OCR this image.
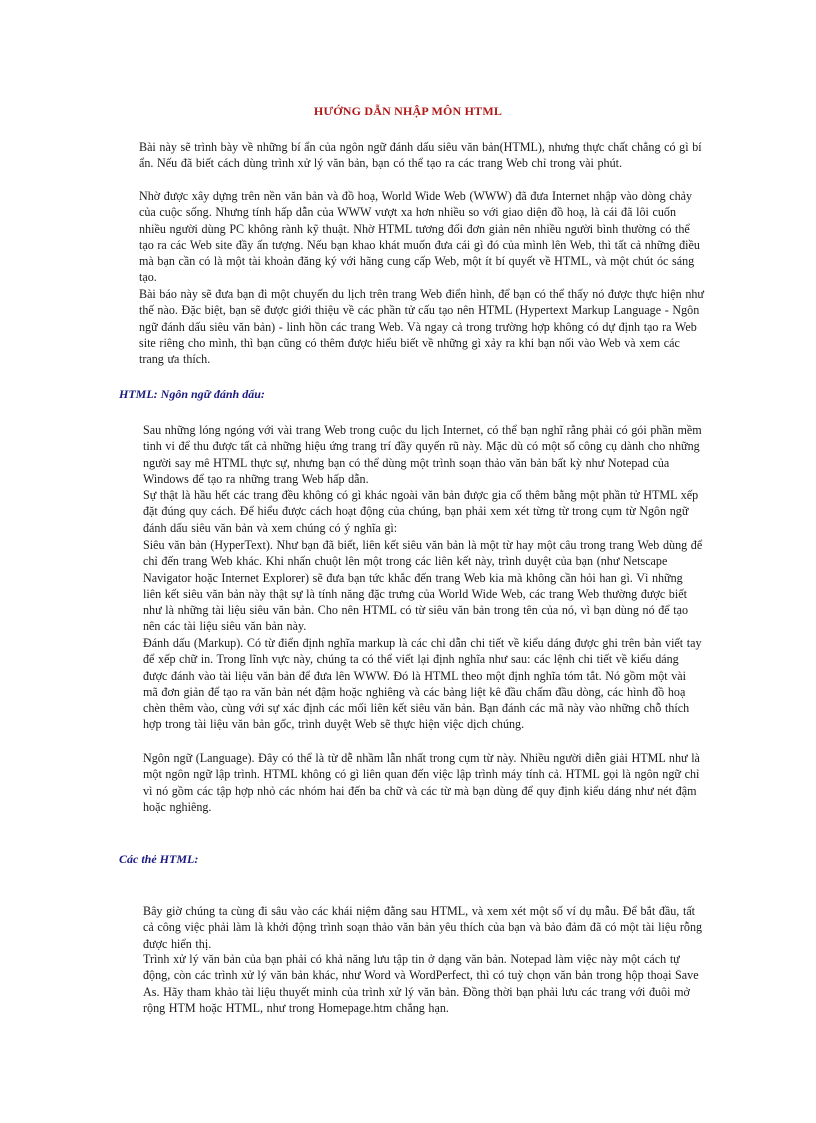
HƯỚNG DẪN NHẬP MÔN HTML

Bài này sẽ trình bày về những bí ẩn của ngôn ngữ đánh dấu siêu văn bản(HTML), nhưng thực chất chẳng có gì bí ẩn. Nếu đã biết cách dùng trình xử lý văn bản, bạn có thể tạo ra các trang Web chỉ trong vài phút.

Nhờ được xây dựng trên nền văn bản và đồ hoạ, World Wide Web (WWW) đã đưa Internet nhập vào dòng chảy của cuộc sống. Nhưng tính hấp dẫn của WWW vượt xa hơn nhiều so với giao diện đồ hoạ, là cái đã lôi cuốn nhiều người dùng PC không rành kỹ thuật. Nhờ HTML tương đối đơn giản nên nhiều người bình thường có thể tạo ra các Web site đầy ấn tượng. Nếu bạn khao khát muốn đưa cái gì đó của mình lên Web, thì tất cả những điều mà bạn cần có là một tài khoản đăng ký với hãng cung cấp Web, một ít bí quyết về HTML, và một chút óc sáng tạo.

Bài báo này sẽ đưa bạn đi một chuyến du lịch trên trang Web điển hình, để bạn có thể thấy nó được thực hiện như thế nào. Đặc biệt, bạn sẽ được giới thiệu về các phần tử cấu tạo nên HTML (Hypertext Markup Language - Ngôn ngữ đánh dấu siêu văn bản) - linh hồn các trang Web. Và ngay cả trong trường hợp không có dự định tạo ra Web site riêng cho mình, thì bạn cũng có thêm được hiểu biết về những gì xảy ra khi bạn nối vào Web và xem các trang ưa thích.

HTML: Ngôn ngữ đánh dấu:

Sau những lóng ngóng với vài trang Web trong cuộc du lịch Internet, có thể bạn nghĩ rằng phải có gói phần mềm tinh vi để thu được tất cả những hiệu ứng trang trí đầy quyến rũ này. Mặc dù có một số công cụ dành cho những người say mê HTML thực sự, nhưng bạn có thể dùng một trình soạn thảo văn bản bất kỳ như Notepad của Windows để tạo ra những trang Web hấp dẫn.

Sự thật là hầu hết các trang đều không có gì khác ngoài văn bản được gia cố thêm bằng một phần tử HTML xếp đặt đúng quy cách. Để hiểu được cách hoạt động của chúng, bạn phải xem xét từng từ trong cụm từ Ngôn ngữ đánh dấu siêu văn bản và xem chúng có ý nghĩa gì:

Siêu văn bản (HyperText). Như bạn đã biết, liên kết siêu văn bản là một từ hay một câu trong trang Web dùng để chỉ đến trang Web khác. Khi nhấn chuột lên một trong các liên kết này, trình duyệt của bạn (như Netscape Navigator hoặc Internet Explorer) sẽ đưa bạn tức khắc đến trang Web kia mà không cần hỏi han gì. Vì những liên kết siêu văn bản này thật sự là tính năng đặc trưng của World Wide Web, các trang Web thường được biết như là những tài liệu siêu văn bản. Cho nên HTML có từ siêu văn bản trong tên của nó, vì bạn dùng nó để tạo nên các tài liệu siêu văn bản này.

Đánh dấu (Markup). Có từ điển định nghĩa markup là các chỉ dẫn chi tiết về kiểu dáng được ghi trên bản viết tay để xếp chữ in. Trong lĩnh vực này, chúng ta có thể viết lại định nghĩa như sau: các lệnh chi tiết về kiểu dáng được đánh vào tài liệu văn bản để đưa lên WWW. Đó là HTML theo một định nghĩa tóm tắt. Nó gồm một vài mã đơn giản để tạo ra văn bản nét đậm hoặc nghiêng và các bảng liệt kê đầu chấm đầu dòng, các hình đồ hoạ chèn thêm vào, cùng với sự xác định các mối liên kết siêu văn bản. Bạn đánh các mã này vào những chỗ thích hợp trong tài liệu văn bản gốc, trình duyệt Web sẽ thực hiện việc dịch chúng.

Ngôn ngữ (Language). Đây có thể là từ dễ nhầm lẫn nhất trong cụm từ này. Nhiều người diễn giải HTML như là một ngôn ngữ lập trình. HTML không có gì liên quan đến việc lập trình máy tính cả. HTML gọi là ngôn ngữ chỉ vì nó gồm các tập hợp nhỏ các nhóm hai đến ba chữ và các từ mà bạn dùng để quy định kiểu dáng như nét đậm hoặc nghiêng.

Các thẻ HTML:

Bây giờ chúng ta cùng đi sâu vào các khái niệm đằng sau HTML, và xem xét một số ví dụ mẫu. Để bắt đầu, tất cả công việc phải làm là khởi động trình soạn thảo văn bản yêu thích của bạn và bảo đảm đã có một tài liệu rỗng được hiển thị.

Trình xử lý văn bản của bạn phải có khả năng lưu tập tin ở dạng văn bản. Notepad làm việc này một cách tự động, còn các trình xử lý văn bản khác, như Word và WordPerfect, thì có tuỳ chọn văn bản trong hộp thoại Save As. Hãy tham khảo tài liệu thuyết minh của trình xử lý văn bản. Đồng thời bạn phải lưu các trang với đuôi mở rộng HTM hoặc HTML, như trong Homepage.htm chẳng hạn.
